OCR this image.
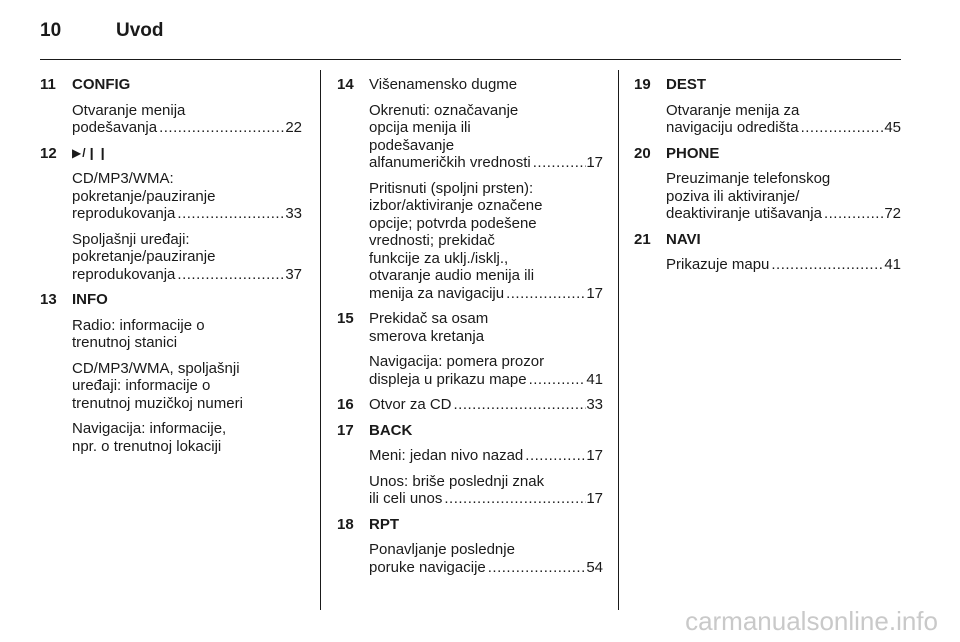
10	Uvod
11 CONFIG
Otvaranje menija
podešavanja .....	22
12 ▶/❙❙
CD/MP3/WMA:
pokretanje/pauziranje
reprodukovanja .....	33
Spoljašnji uređaji:
pokretanje/pauziranje
reprodukovanja .....	37
13 INFO
Radio: informacije o
trenutnoj stanici
CD/MP3/WMA, spoljašnji
uređaji: informacije o
trenutnoj muzičkoj numeri
Navigacija: informacije,
npr. o trenutnoj lokaciji
14 Višenamensko dugme
Okrenuti: označavanje
opcija menija ili
podešavanje
alfanumeričkih vrednosti .....	17
Pritisnuti (spoljni prsten):
izbor/aktiviranje označene
opcije; potvrda podešene
vrednosti; prekidač
funkcije za uklj./isklj.,
otvaranje audio menija ili
menija za navigaciju .....	17
15 Prekidač sa osam
smerova kretanja
Navigacija: pomera prozor
displeja u prikazu mape .....	41
16 Otvor za CD .....	33
17 BACK
Meni: jedan nivo nazad .....	17
Unos: briše poslednji znak
ili celi unos .....	17
18 RPT
Ponavljanje poslednje
poruke navigacije .....	54
19 DEST
Otvaranje menija za
navigaciju odredišta .....	45
20 PHONE
Preuzimanje telefonskog
poziva ili aktiviranje/
deaktiviranje utišavanja .....	72
21 NAVI
Prikazuje mapu .....	41
carmanualsonline.info
